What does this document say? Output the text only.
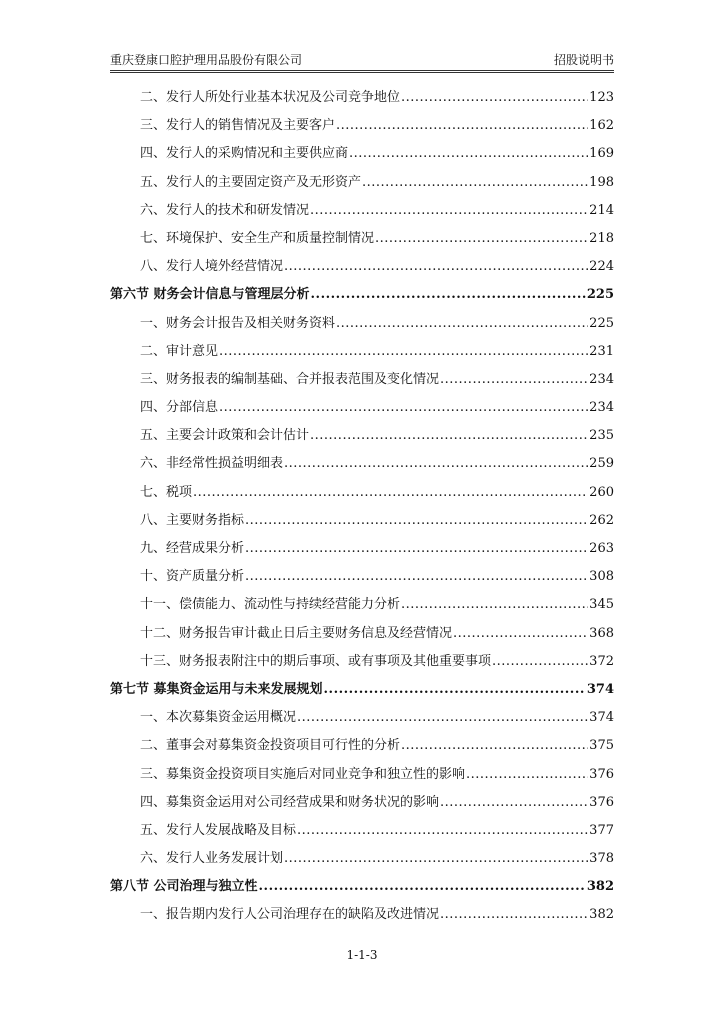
重庆登康口腔护理用品股份有限公司	招股说明书
二、发行人所处行业基本状况及公司竞争地位 .....	123
三、发行人的销售情况及主要客户 .....	162
四、发行人的采购情况和主要供应商 .....	169
五、发行人的主要固定资产及无形资产 .....	198
六、发行人的技术和研发情况 .....	214
七、环境保护、安全生产和质量控制情况 .....	218
八、发行人境外经营情况 .....	224
第六节 财务会计信息与管理层分析 .....	225
一、财务会计报告及相关财务资料 .....	225
二、审计意见 .....	231
三、财务报表的编制基础、合并报表范围及变化情况 .....	234
四、分部信息 .....	234
五、主要会计政策和会计估计 .....	235
六、非经常性损益明细表 .....	259
七、税项 .....	260
八、主要财务指标 .....	262
九、经营成果分析 .....	263
十、资产质量分析 .....	308
十一、偿债能力、流动性与持续经营能力分析 .....	345
十二、财务报告审计截止日后主要财务信息及经营情况 .....	368
十三、财务报表附注中的期后事项、或有事项及其他重要事项 .....	372
第七节 募集资金运用与未来发展规划 .....	374
一、本次募集资金运用概况 .....	374
二、董事会对募集资金投资项目可行性的分析 .....	375
三、募集资金投资项目实施后对同业竞争和独立性的影响 .....	376
四、募集资金运用对公司经营成果和财务状况的影响 .....	376
五、发行人发展战略及目标 .....	377
六、发行人业务发展计划 .....	378
第八节 公司治理与独立性 .....	382
一、报告期内发行人公司治理存在的缺陷及改进情况 .....	382
1-1-3
